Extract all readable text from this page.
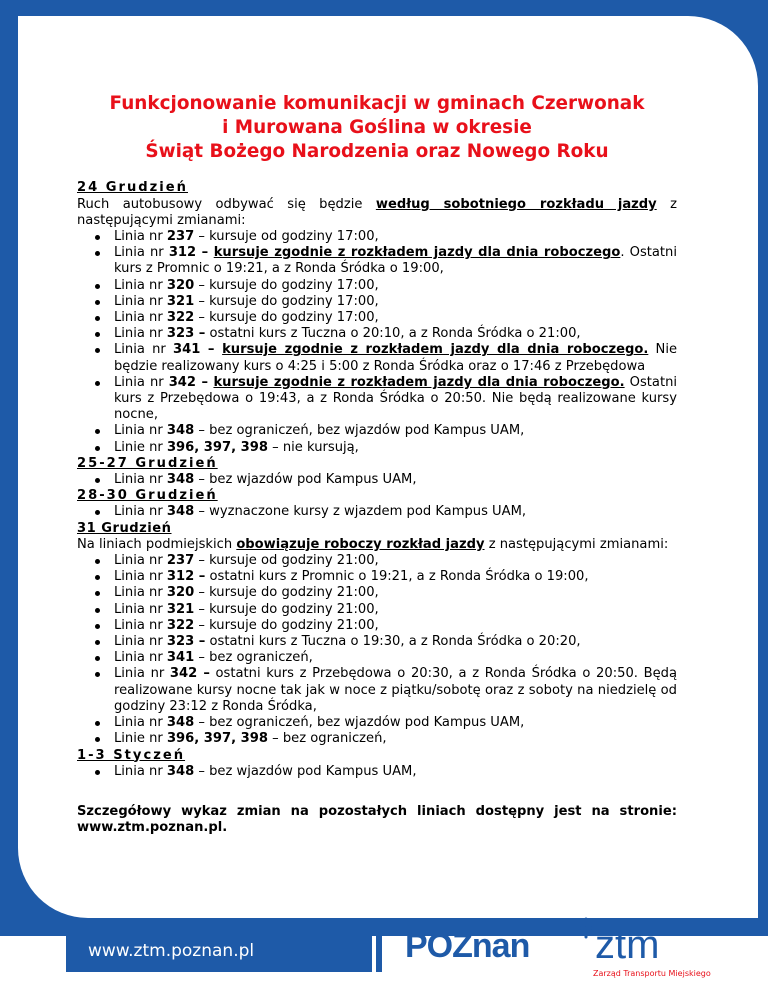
Funkcjonowanie komunikacji w gminach Czerwonak
i Murowana Goślina w okresie
Świąt Bożego Narodzenia oraz Nowego Roku
24 Grudzień

Ruch autobusowy odbywać się będzie według sobotniego rozkładu jazdy z następującymi zmianami:

Linia nr 237 – kursuje od godziny 17:00,
Linia nr 312 – kursuje zgodnie z rozkładem jazdy dla dnia roboczego. Ostatni kurs z Promnic o 19:21, a z Ronda Śródka o 19:00,
Linia nr 320 – kursuje do godziny 17:00,
Linia nr 321 – kursuje do godziny 17:00,
Linia nr 322 – kursuje do godziny 17:00,
Linia nr 323 – ostatni kurs z Tuczna o 20:10, a z Ronda Śródka o 21:00,
Linia nr 341 – kursuje zgodnie z rozkładem jazdy dla dnia roboczego. Nie będzie realizowany kurs o 4:25 i 5:00 z Ronda Śródka oraz o 17:46 z Przebędowa
Linia nr 342 – kursuje zgodnie z rozkładem jazdy dla dnia roboczego. Ostatni kurs z Przebędowa o 19:43, a z Ronda Śródka o 20:50. Nie będą realizowane kursy nocne,
Linia nr 348 – bez ograniczeń, bez wjazdów pod Kampus UAM,
Linie nr 396, 397, 398 – nie kursują,
25-27 Grudzień
Linia nr 348 – bez wjazdów pod Kampus UAM,
28-30 Grudzień
Linia nr 348 – wyznaczone kursy z wjazdem pod Kampus UAM,
31 Grudzień

Na liniach podmiejskich obowiązuje roboczy rozkład jazdy z następującymi zmianami:

Linia nr 237 – kursuje od godziny 21:00,
Linia nr 312 – ostatni kurs z Promnic o 19:21, a z Ronda Śródka o 19:00,
Linia nr 320 – kursuje do godziny 21:00,
Linia nr 321 – kursuje do godziny 21:00,
Linia nr 322 – kursuje do godziny 21:00,
Linia nr 323 – ostatni kurs z Tuczna o 19:30, a z Ronda Śródka o 20:20,
Linia nr 341 – bez ograniczeń,
Linia nr 342 – ostatni kurs z Przebędowa o 20:30, a z Ronda Śródka o 20:50. Będą realizowane kursy nocne tak jak w noce z piątku/sobotę oraz z soboty na niedzielę od godziny 23:12 z Ronda Śródka,
Linia nr 348 – bez ograniczeń, bez wjazdów pod Kampus UAM,
Linie nr 396, 397, 398 – bez ograniczeń,
1-3 Styczeń
Linia nr 348 – bez wjazdów pod Kampus UAM,

Szczegółowy wykaz zmian na pozostałych liniach dostępny jest na stronie: www.ztm.poznan.pl.

www.ztm.poznan.pl	POZnan ztm
Zarząd Transportu Miejskiego
